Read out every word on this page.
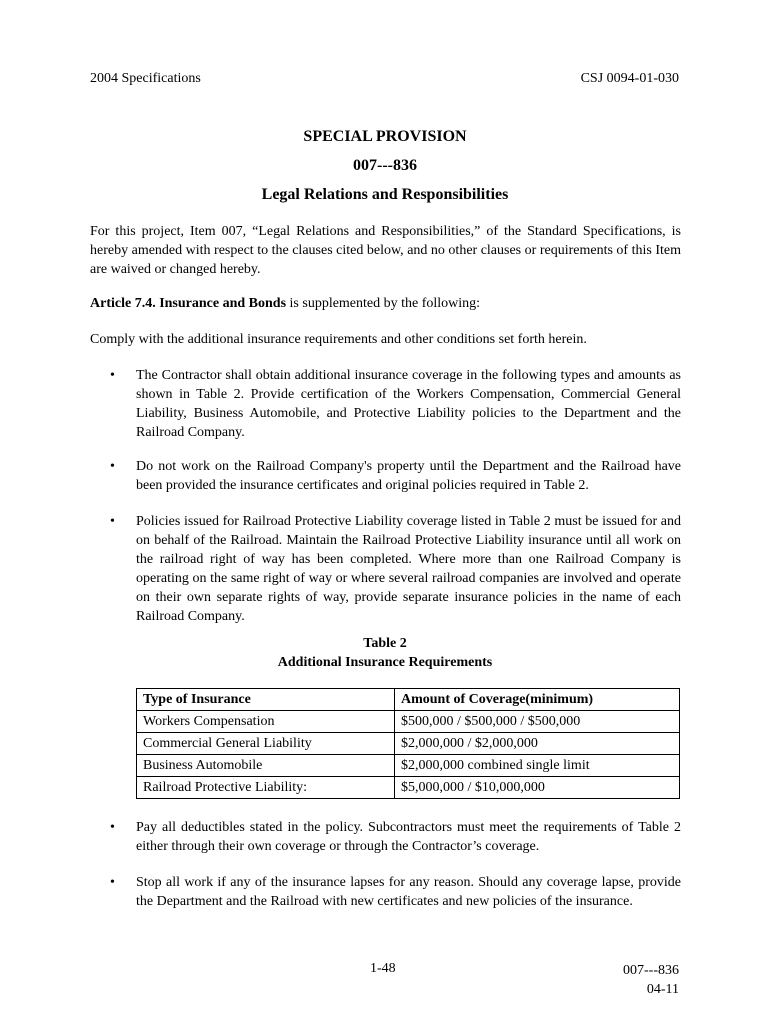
2004 Specifications	CSJ 0094-01-030
SPECIAL PROVISION
007---836
Legal Relations and Responsibilities
For this project, Item 007, “Legal Relations and Responsibilities,” of the Standard Specifications, is hereby amended with respect to the clauses cited below, and no other clauses or requirements of this Item are waived or changed hereby.
Article 7.4. Insurance and Bonds is supplemented by the following:
Comply with the additional insurance requirements and other conditions set forth herein.
• The Contractor shall obtain additional insurance coverage in the following types and amounts as shown in Table 2. Provide certification of the Workers Compensation, Commercial General Liability, Business Automobile, and Protective Liability policies to the Department and the Railroad Company.
• Do not work on the Railroad Company's property until the Department and the Railroad have been provided the insurance certificates and original policies required in Table 2.
• Policies issued for Railroad Protective Liability coverage listed in Table 2 must be issued for and on behalf of the Railroad. Maintain the Railroad Protective Liability insurance until all work on the railroad right of way has been completed. Where more than one Railroad Company is operating on the same right of way or where several railroad companies are involved and operate on their own separate rights of way, provide separate insurance policies in the name of each Railroad Company.
Table 2
Additional Insurance Requirements
Type of Insurance	Amount of Coverage(minimum)
Workers Compensation	$500,000 / $500,000 / $500,000
Commercial General Liability	$2,000,000 / $2,000,000
Business Automobile	$2,000,000 combined single limit
Railroad Protective Liability:	$5,000,000 / $10,000,000
• Pay all deductibles stated in the policy. Subcontractors must meet the requirements of Table 2 either through their own coverage or through the Contractor’s coverage.
• Stop all work if any of the insurance lapses for any reason. Should any coverage lapse, provide the Department and the Railroad with new certificates and new policies of the insurance.
1-48	007---836
04-11
